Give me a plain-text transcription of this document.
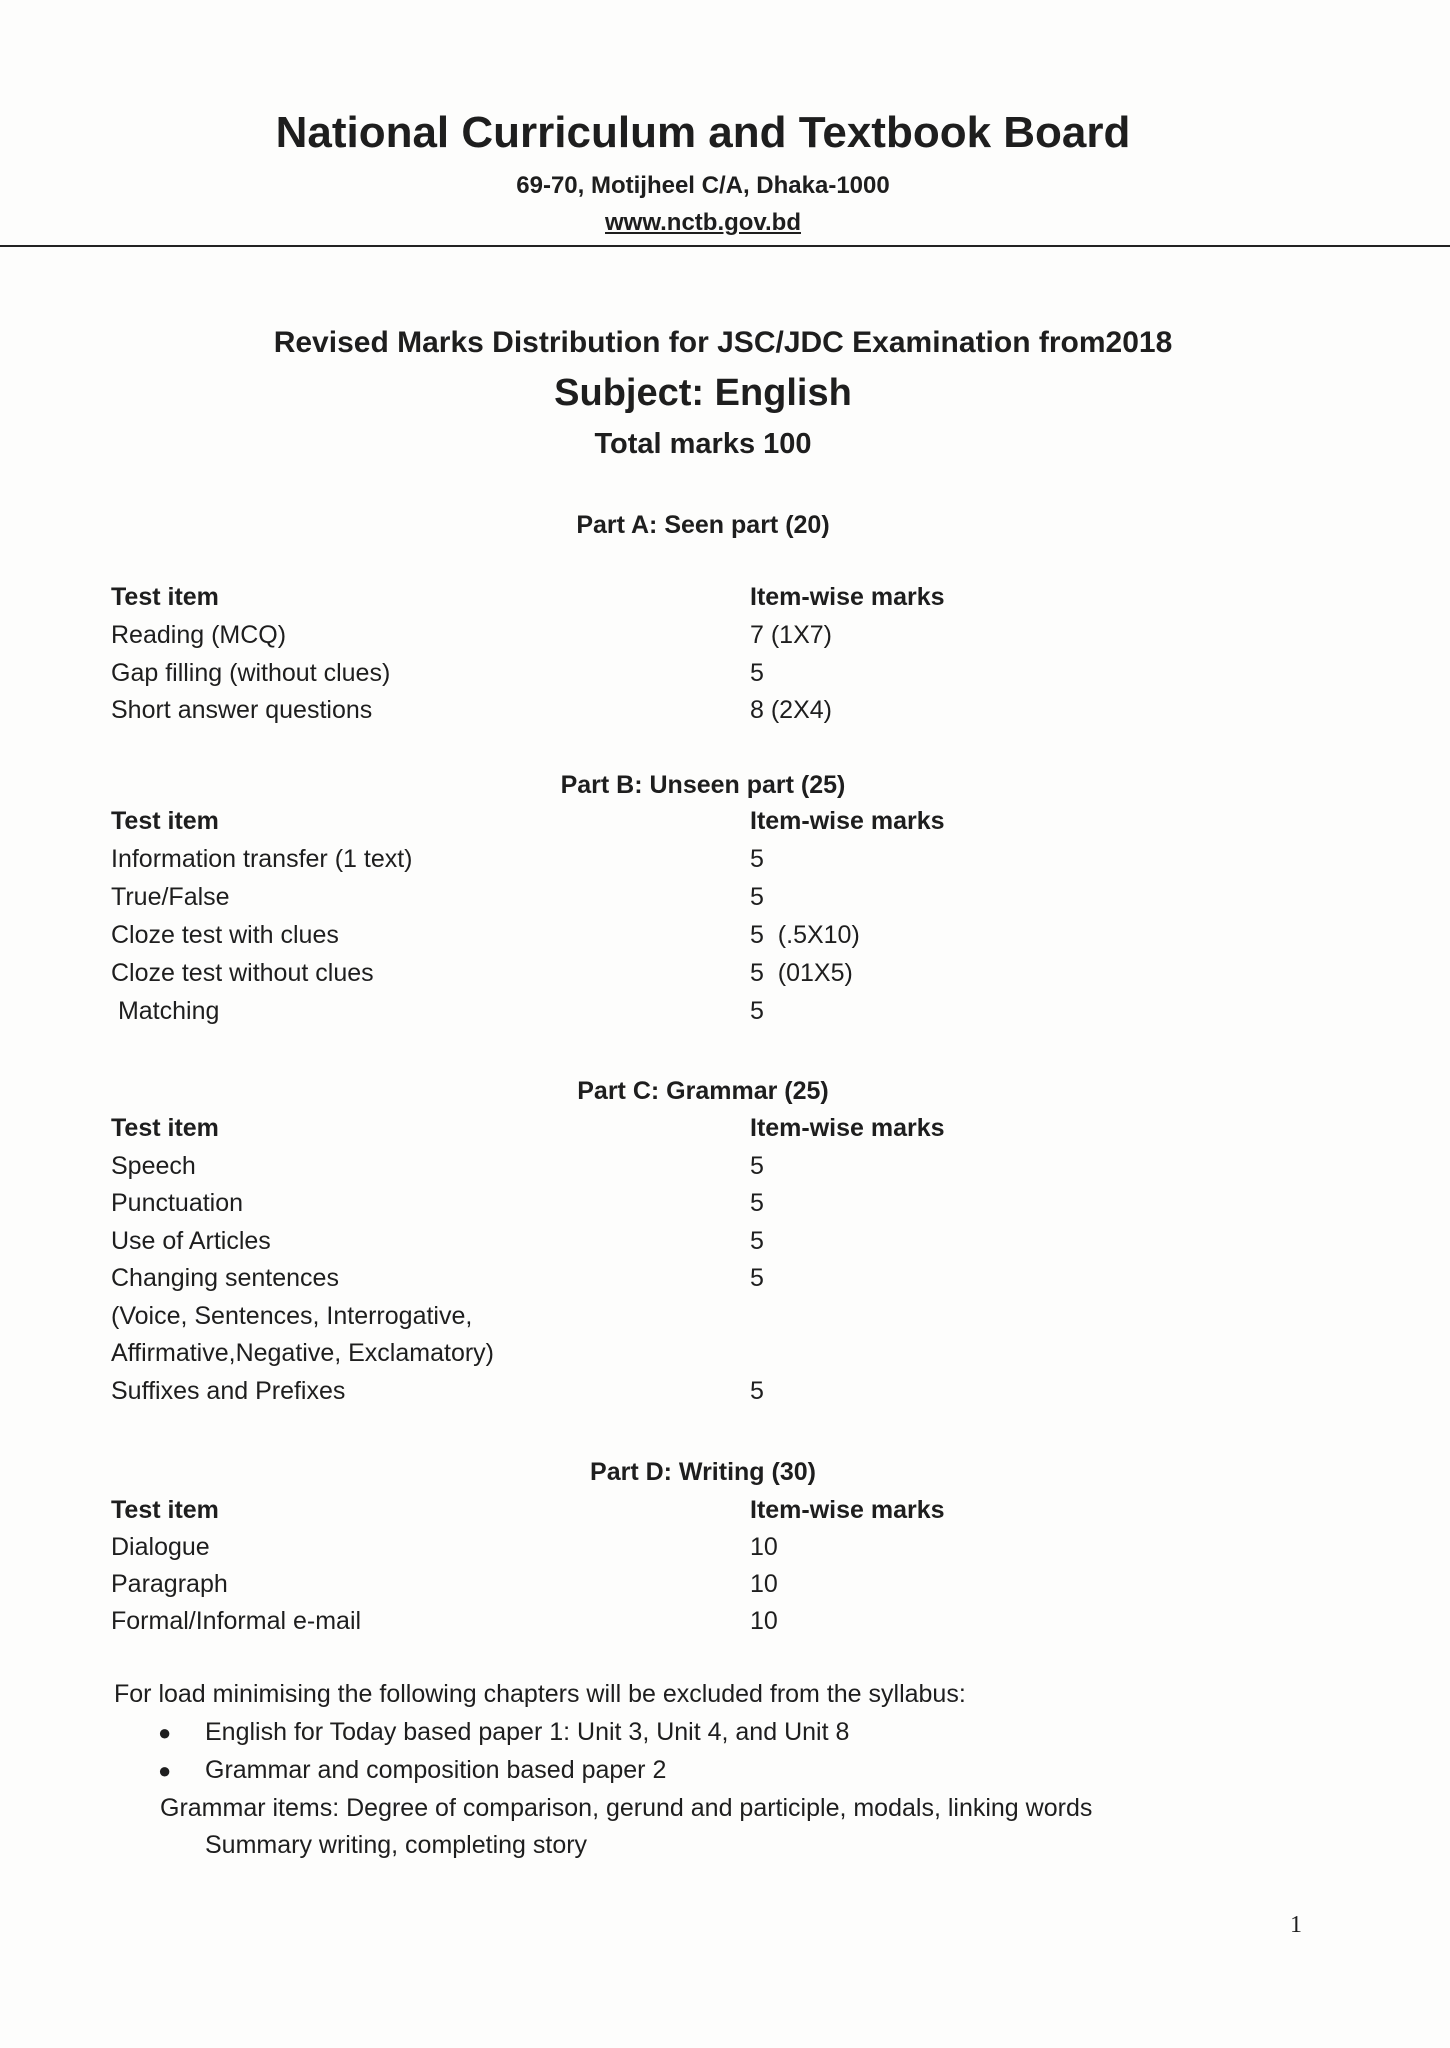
National Curriculum and Textbook Board
69-70, Motijheel C/A, Dhaka-1000
www.nctb.gov.bd
Revised Marks Distribution for JSC/JDC Examination from2018
Subject: English
Total marks 100
Part A: Seen part (20)
Test item	Item-wise marks
Reading (MCQ)	7 (1X7)
Gap filling (without clues)	5
Short answer questions	8 (2X4)
Part B: Unseen part (25)
Test item	Item-wise marks
Information transfer (1 text)	5
True/False	5
Cloze test with clues	5  (.5X10)
Cloze test without clues	5  (01X5)
Matching	5
Part C: Grammar (25)
Test item	Item-wise marks
Speech	5
Punctuation	5
Use of Articles	5
Changing sentences	5
(Voice, Sentences, Interrogative,
Affirmative,Negative, Exclamatory)
Suffixes and Prefixes	5
Part D: Writing (30)
Test item	Item-wise marks
Dialogue	10
Paragraph	10
Formal/Informal e-mail	10
For load minimising the following chapters will be excluded from the syllabus:
● English for Today based paper 1: Unit 3, Unit 4, and Unit 8
● Grammar and composition based paper 2
Grammar items: Degree of comparison, gerund and participle, modals, linking words
Summary writing, completing story
1
